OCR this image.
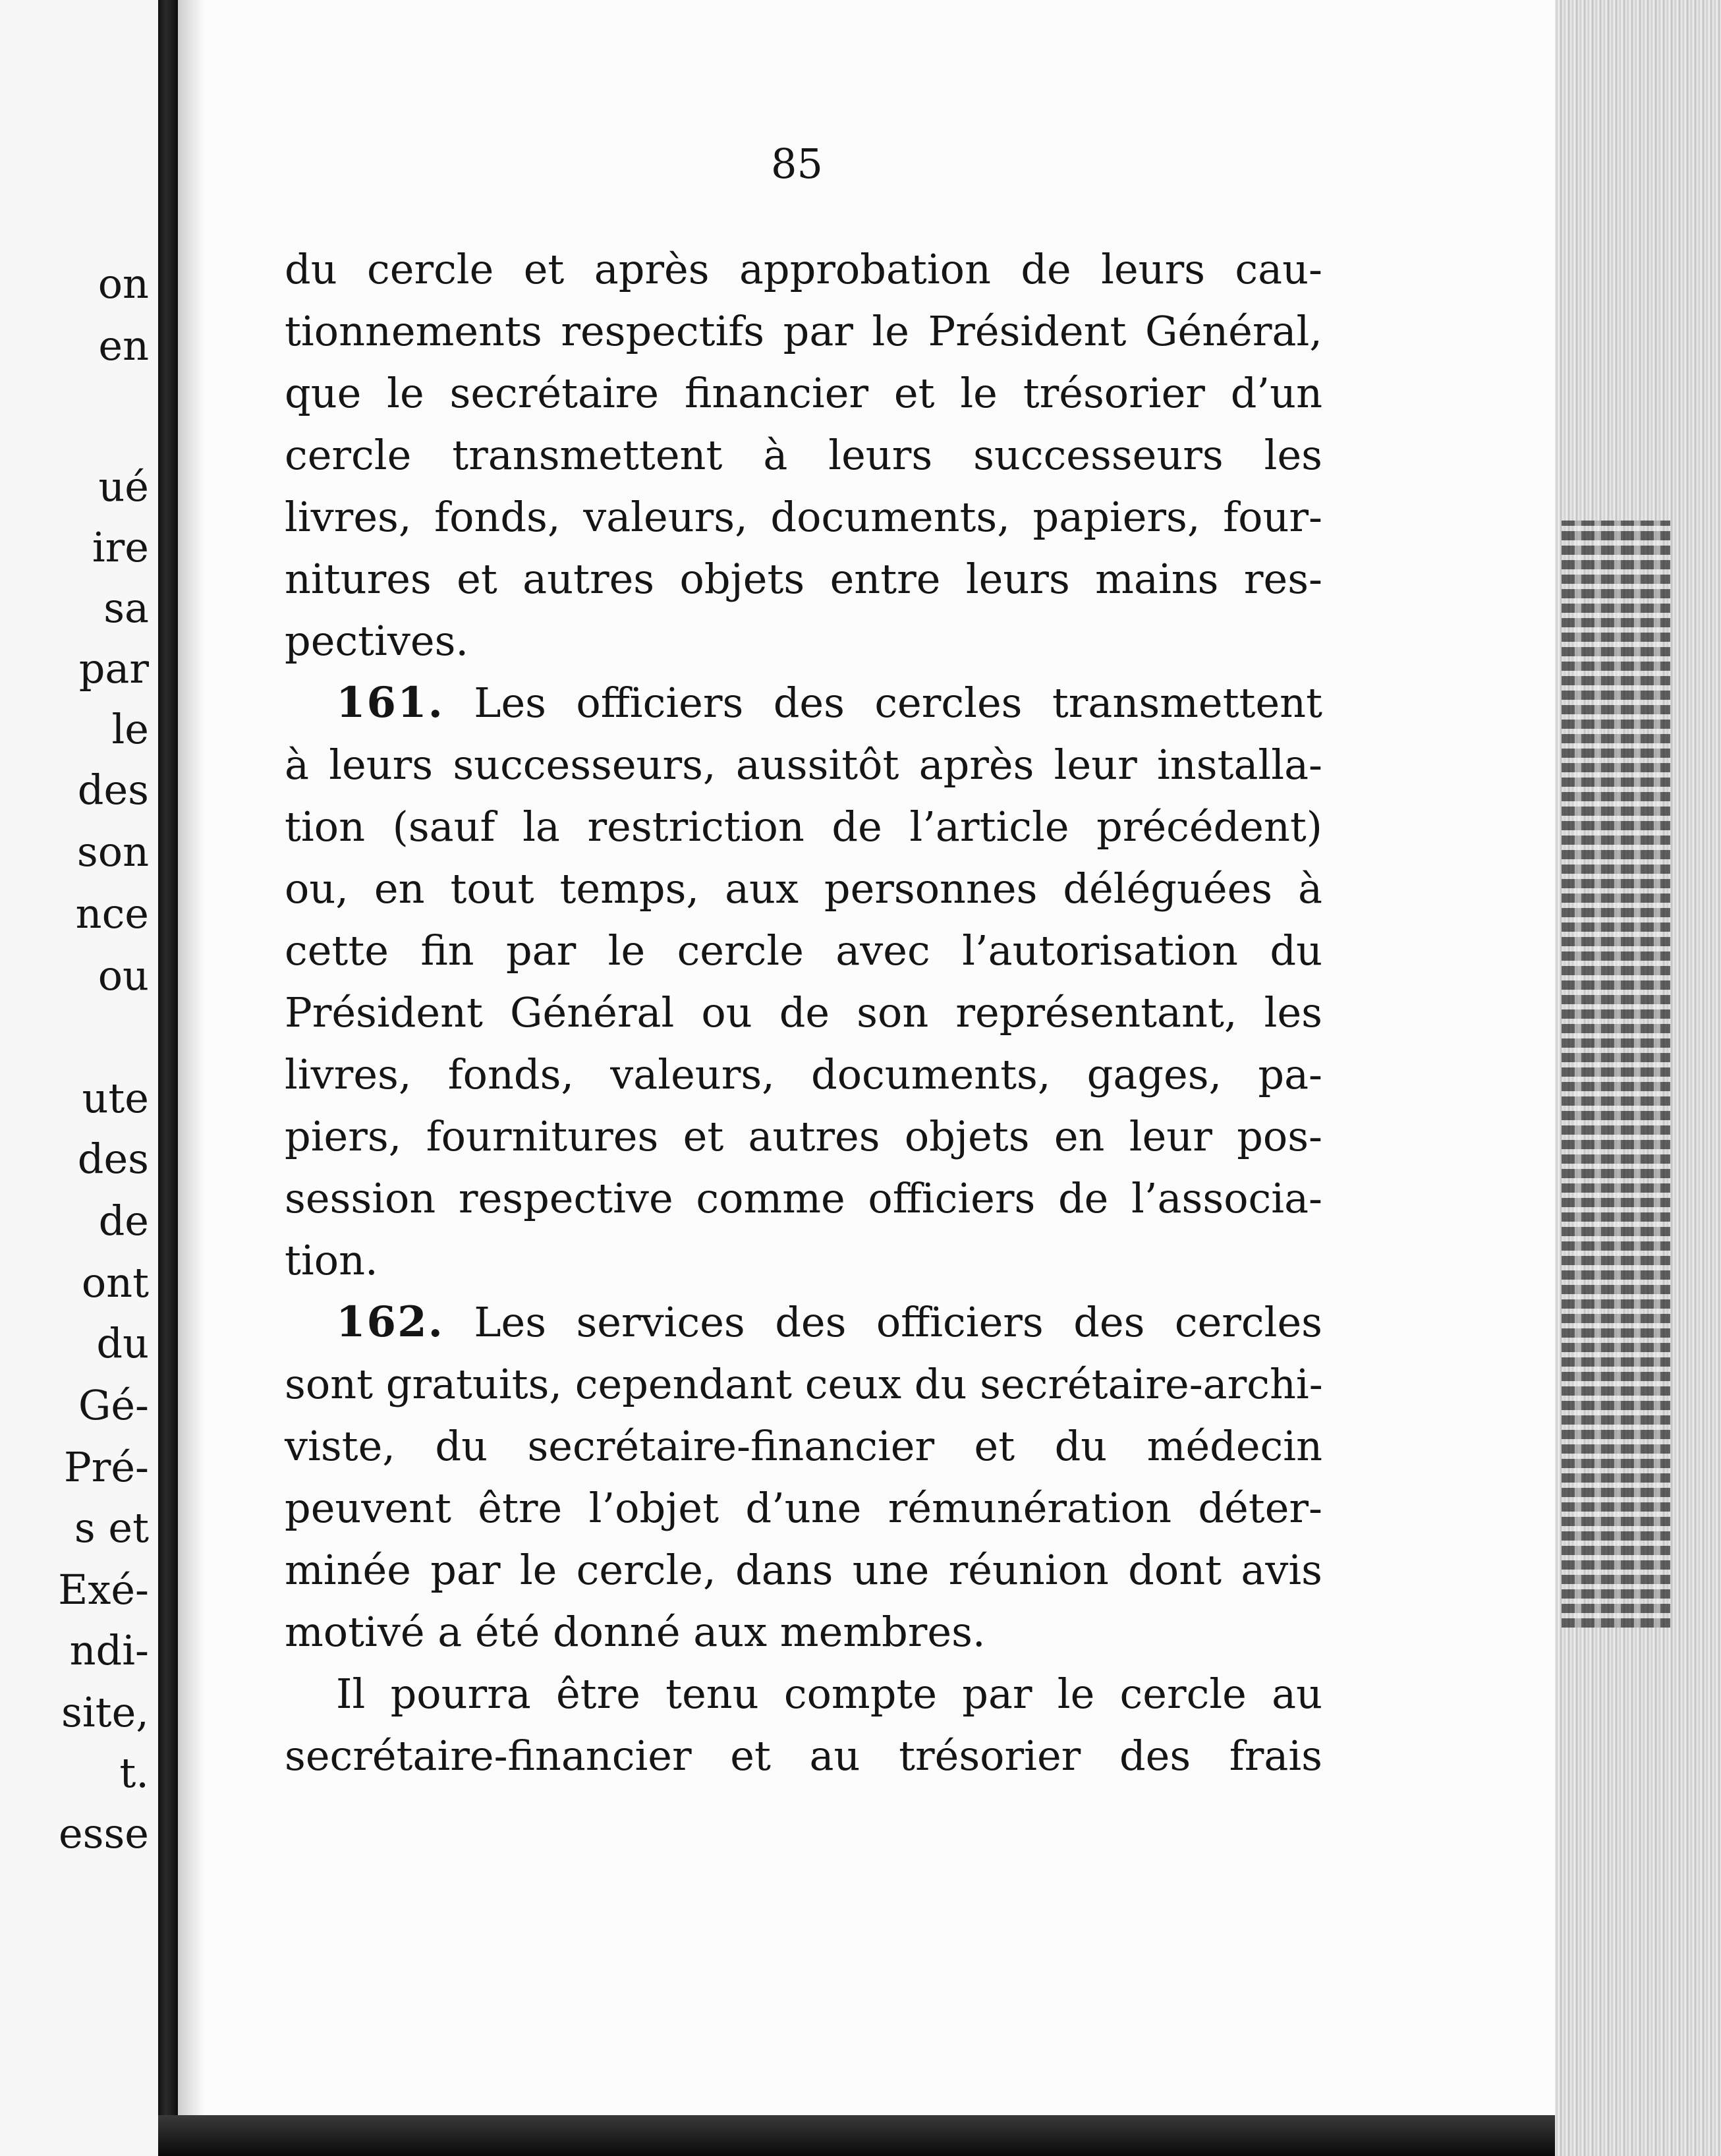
on
en
ué
ire
sa
par
le
des
son
nce
ou
ute
des
de
ont
du
Gé-
Pré-
s et
Exé-
ndi-
site,
t.
esse
85
du cercle et après approbation de leurs cau-
tionnements respectifs par le Président Général,
que le secrétaire financier et le trésorier d’un
cercle transmettent à leurs successeurs les
livres, fonds, valeurs, documents, papiers, four-
nitures et autres objets entre leurs mains res-
pectives.
161. Les officiers des cercles transmettent
à leurs successeurs, aussitôt après leur installa-
tion (sauf la restriction de l’article précédent)
ou, en tout temps, aux personnes déléguées à
cette fin par le cercle avec l’autorisation du
Président Général ou de son représentant, les
livres, fonds, valeurs, documents, gages, pa-
piers, fournitures et autres objets en leur pos-
session respective comme officiers de l’associa-
tion.
162. Les services des officiers des cercles
sont gratuits, cependant ceux du secrétaire-archi-
viste, du secrétaire-financier et du médecin
peuvent être l’objet d’une rémunération déter-
minée par le cercle, dans une réunion dont avis
motivé a été donné aux membres.
Il pourra être tenu compte par le cercle au
secrétaire-financier et au trésorier des frais
